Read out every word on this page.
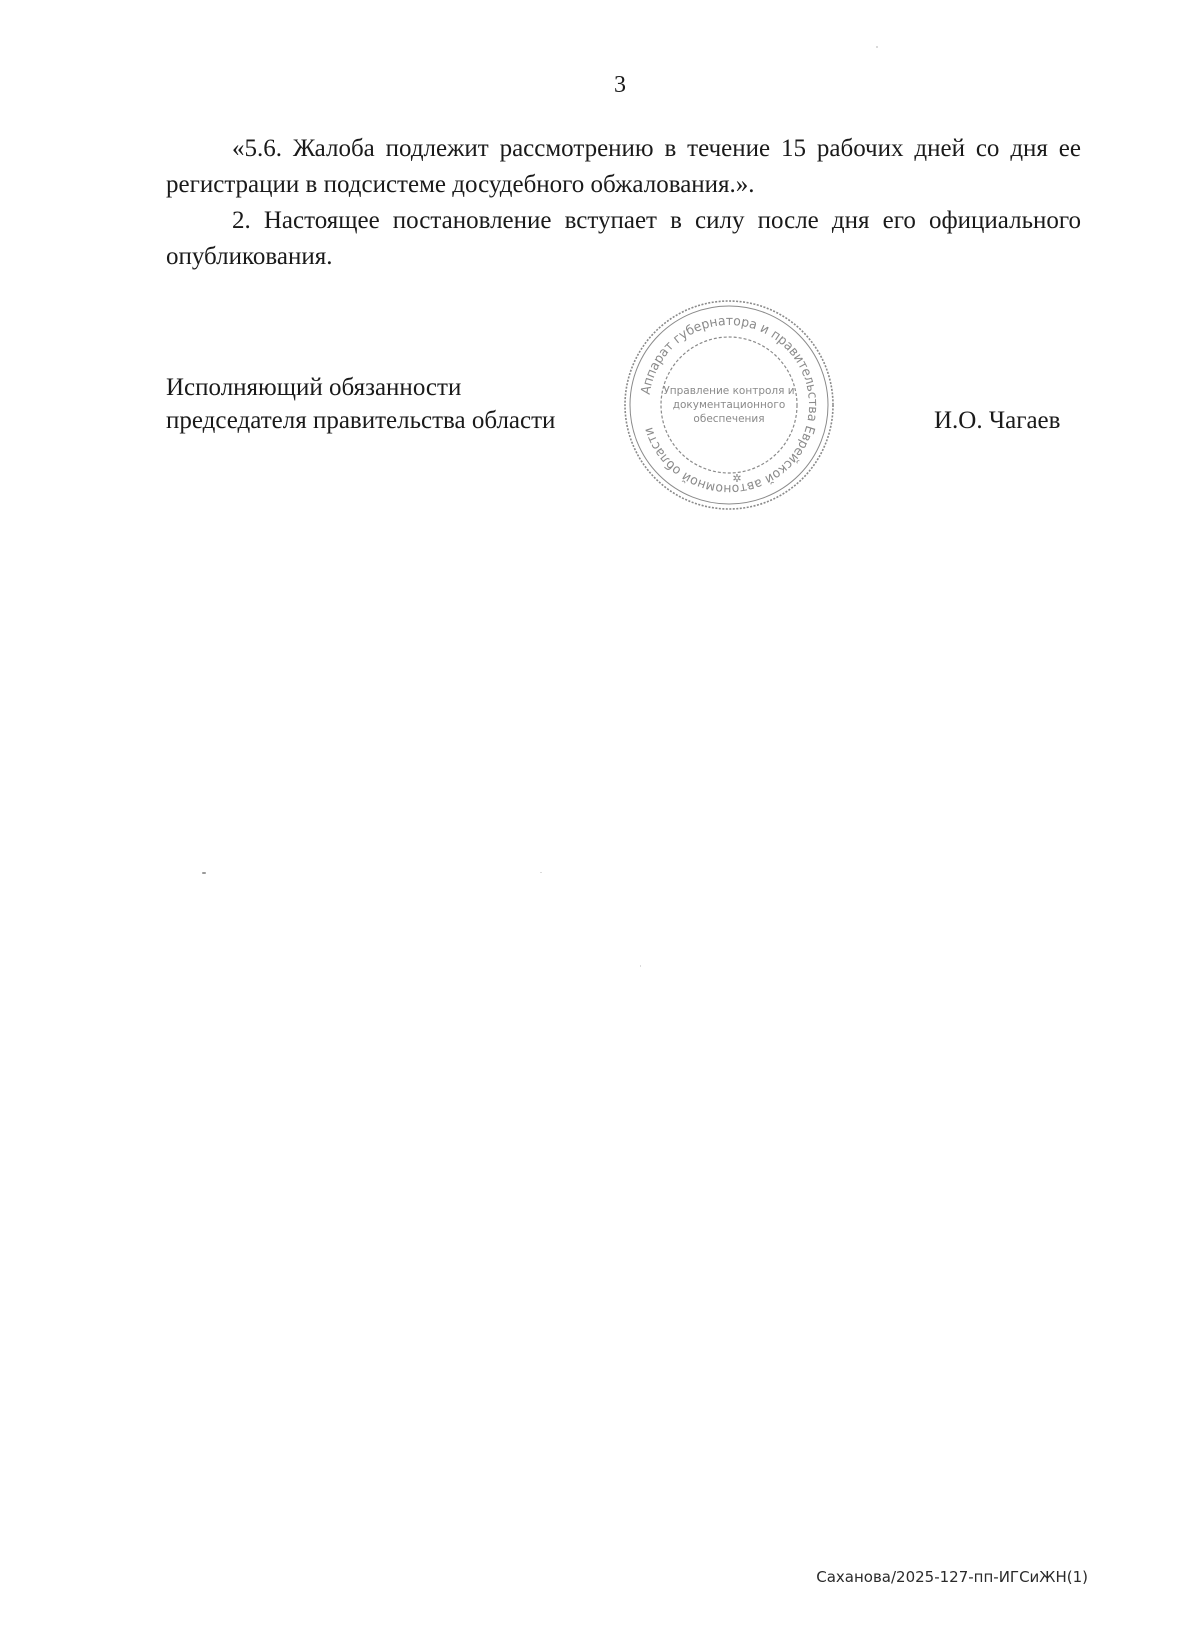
3

«5.6. Жалоба подлежит рассмотрению в течение 15 рабочих дней со дня ее регистрации в подсистеме досудебного обжалования.».

2. Настоящее постановление вступает в силу после дня его официального опубликования.

Исполняющий обязанности
председателя правительства области	И.О. Чагаев
Аппарат губернатора и правительства Еврейской автономной области
Управление контроля и
документационного
обеспечения
✲
Саханова/2025-127-пп-ИГСиЖН(1)
